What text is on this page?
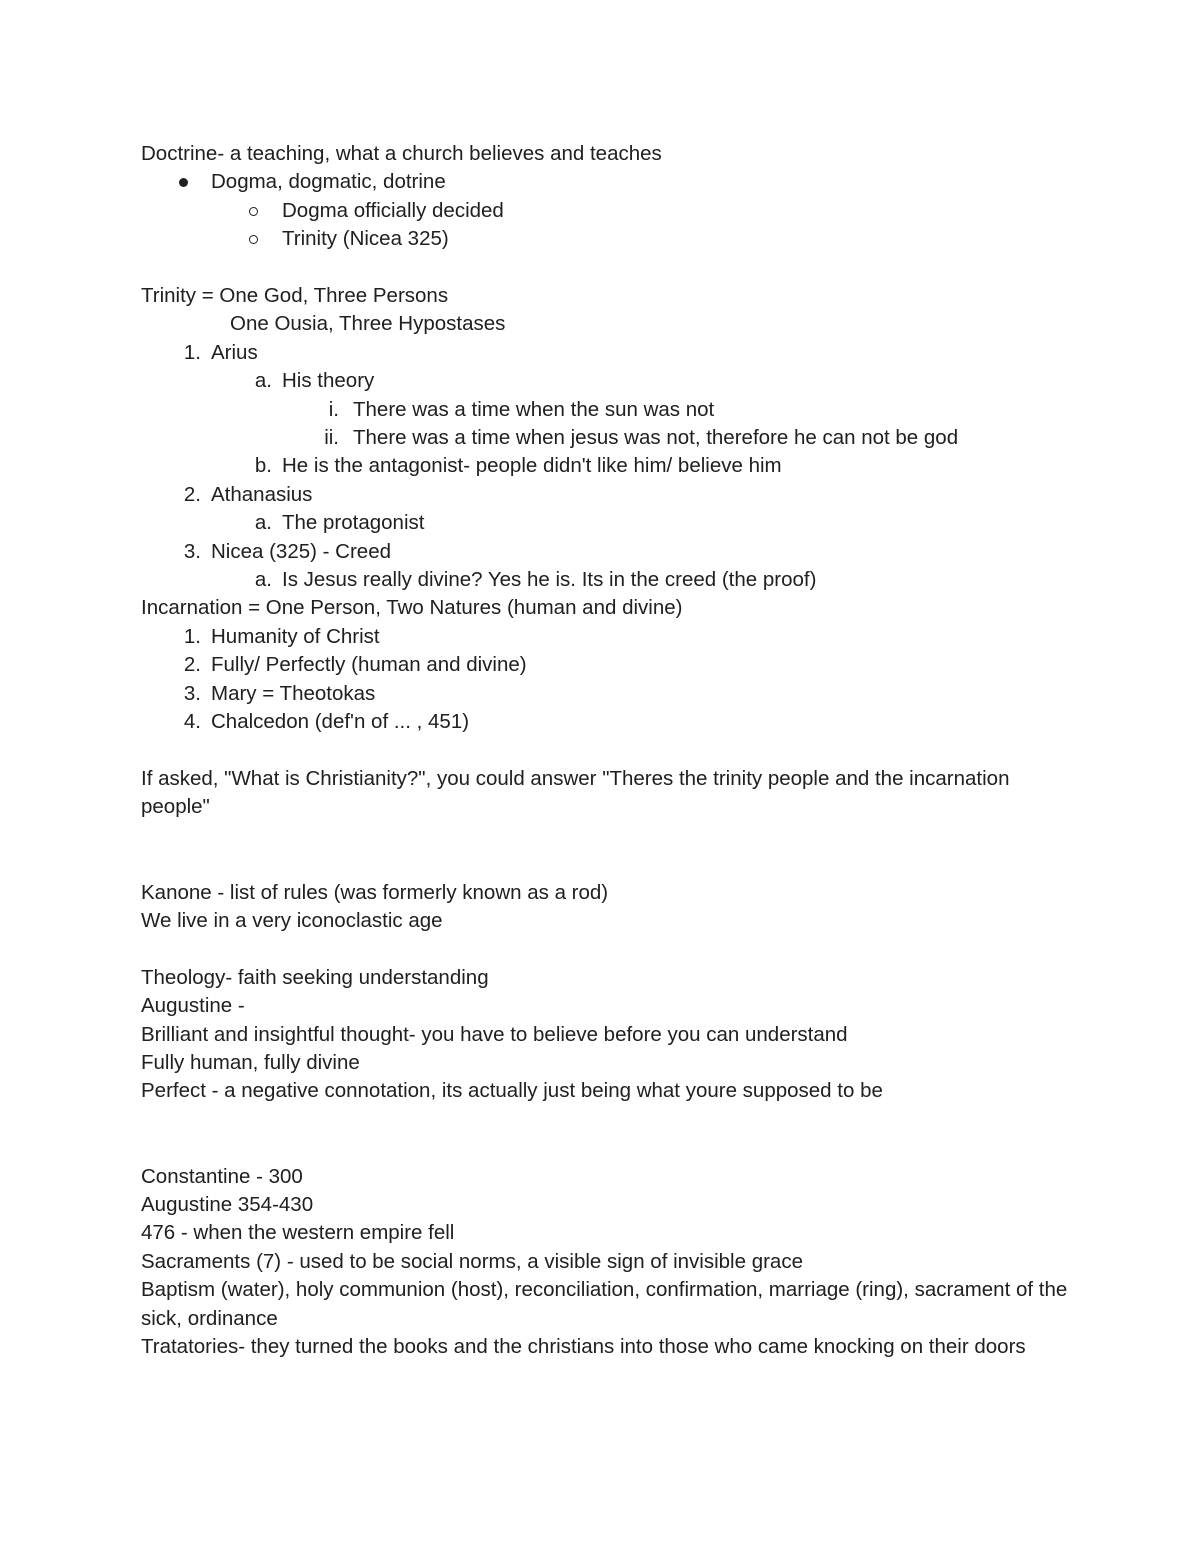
Doctrine- a teaching, what a church believes and teaches
Dogma, dogmatic, dotrine
Dogma officially decided
Trinity (Nicea 325)
Trinity = One God, Three Persons
One Ousia, Three Hypostases
1. Arius
a. His theory
i. There was a time when the sun was not
ii. There was a time when jesus was not, therefore he can not be god
b. He is the antagonist- people didn't like him/ believe him
2. Athanasius
a. The protagonist
3. Nicea (325) - Creed
a. Is Jesus really divine? Yes he is. Its in the creed (the proof)
Incarnation = One Person, Two Natures (human and divine)
1. Humanity of Christ
2. Fully/ Perfectly (human and divine)
3. Mary = Theotokas
4. Chalcedon (def'n of ... , 451)
If asked, "What is Christianity?", you could answer "Theres the trinity people and the incarnation people"
Kanone - list of rules (was formerly known as a rod)
We live in a very iconoclastic age
Theology- faith seeking understanding
Augustine -
Brilliant and insightful thought- you have to believe before you can understand
Fully human, fully divine
Perfect - a negative connotation, its actually just being what youre supposed to be
Constantine - 300
Augustine 354-430
476 - when the western empire fell
Sacraments (7) - used to be social norms, a visible sign of invisible grace
Baptism (water), holy communion (host), reconciliation, confirmation, marriage (ring), sacrament of the sick, ordinance
Tratatories- they turned the books and the christians into those who came knocking on their doors
